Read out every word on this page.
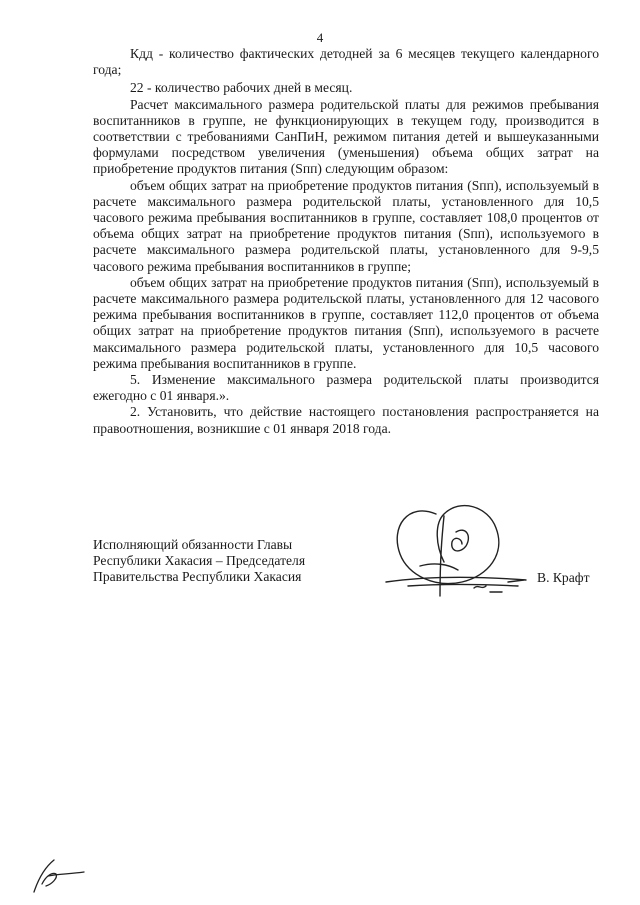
4

Кдд - количество фактических детодней за 6 месяцев текущего календарного года;

22 - количество рабочих дней в месяц.

Расчет максимального размера родительской платы для режимов пребывания воспитанников в группе, не функционирующих в текущем году, производится в соответствии с требованиями СанПиН, режимом питания детей и вышеуказанными формулами посредством увеличения (уменьшения) объема общих затрат на приобретение продуктов питания (Sпп) следующим образом:

объем общих затрат на приобретение продуктов питания (Sпп), используемый в расчете максимального размера родительской платы, установленного для 10,5 часового режима пребывания воспитанников в группе, составляет 108,0 процентов от объема общих затрат на приобретение продуктов питания (Sпп), используемого в расчете максимального размера родительской платы, установленного для 9-9,5 часового режима пребывания воспитанников в группе;

объем общих затрат на приобретение продуктов питания (Sпп), используемый в расчете максимального размера родительской платы, установленного для 12 часового режима пребывания воспитанников в группе, составляет 112,0 процентов от объема общих затрат на приобретение продуктов питания (Sпп), используемого в расчете максимального размера родительской платы, установленного для 10,5 часового режима пребывания воспитанников в группе.

5. Изменение максимального размера родительской платы производится ежегодно с 01 января.».

2. Установить, что действие настоящего постановления распространяется на правоотношения, возникшие с 01 января 2018 года.

Исполняющий обязанности Главы
Республики Хакасия – Председателя
Правительства Республики Хакасия	В. Крафт
